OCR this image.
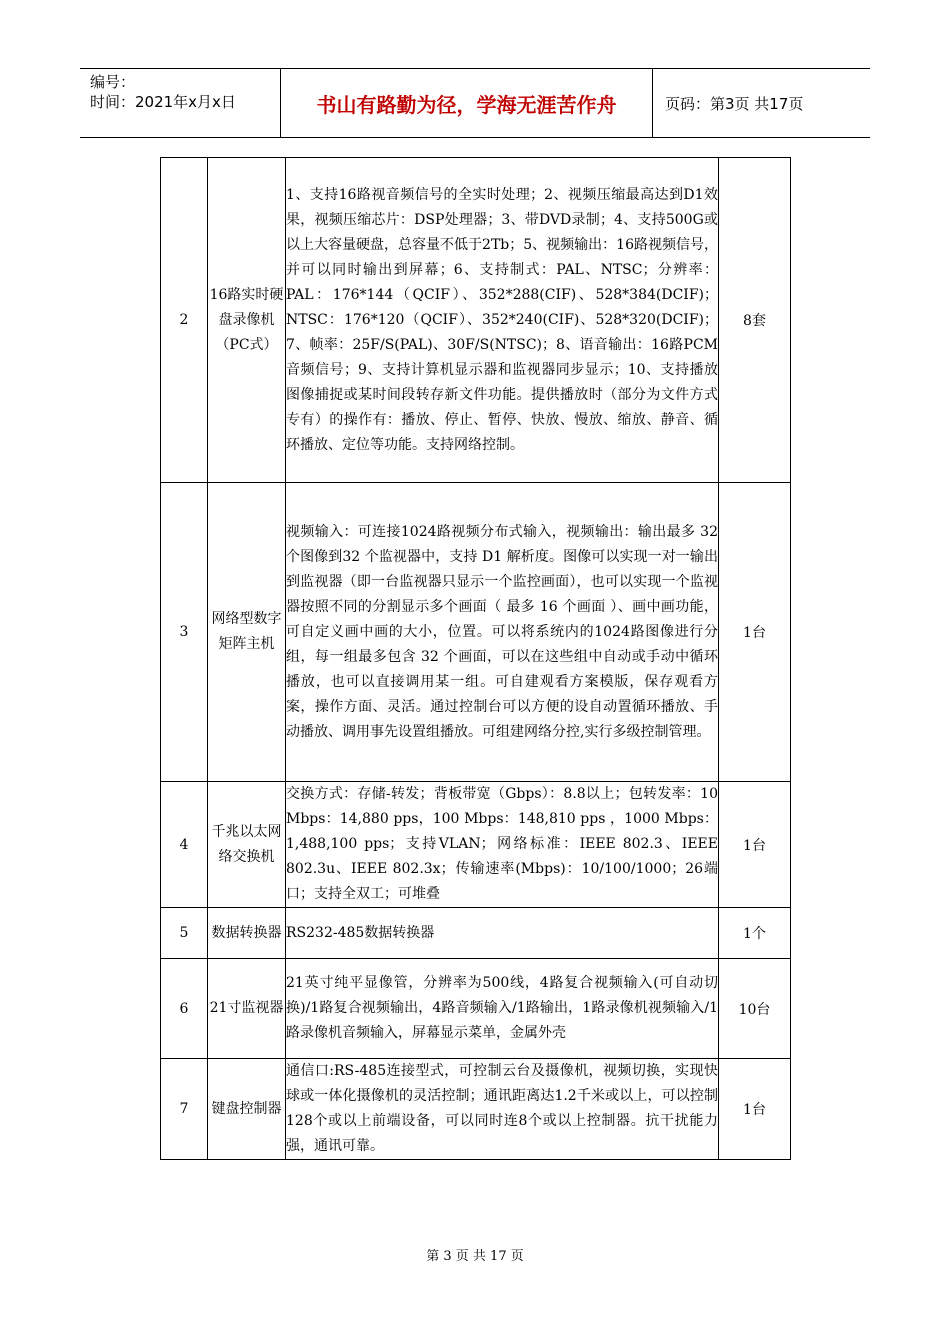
编号：
时间：2021年x月x日	书山有路勤为径，学海无涯苦作舟	页码：第3页 共17页
2	16路实时硬盘录像机（PC式）	1、支持16路视音频信号的全实时处理；2、视频压缩最高达到D1效果，视频压缩芯片：DSP处理器；3、带DVD录制；4、支持500G或以上大容量硬盘，总容量不低于2Tb；5、视频输出：16路视频信号，并可以同时输出到屏幕；6、支持制式：PAL、NTSC；分辨率：PAL：176*144（QCIF）、352*288(CIF)、528*384(DCIF)；NTSC：176*120（QCIF）、352*240(CIF)、528*320(DCIF)；7、帧率：25F/S(PAL)、30F/S(NTSC)；8、语音输出：16路PCM音频信号；9、支持计算机显示器和监视器同步显示；10、支持播放图像捕捉或某时间段转存新文件功能。提供播放时（部分为文件方式专有）的操作有：播放、停止、暂停、快放、慢放、缩放、静音、循环播放、定位等功能。支持网络控制。	8套
3	网络型数字矩阵主机	视频输入：可连接1024路视频分布式输入，视频输出：输出最多 32 个图像到32 个监视器中，支持 D1 解析度。图像可以实现一对一输出到监视器（即一台监视器只显示一个监控画面），也可以实现一个监视器按照不同的分割显示多个画面（ 最多 16 个画面 ）、画中画功能，可自定义画中画的大小，位置。可以将系统内的1024路图像进行分组，每一组最多包含 32 个画面，可以在这些组中自动或手动中循环播放，也可以直接调用某一组。可自建观看方案模版，保存观看方案，操作方面、灵活。通过控制台可以方便的设自动置循环播放、手动播放、调用事先设置组播放。可组建网络分控,实行多级控制管理。	1台
4	千兆以太网络交换机	交换方式：存储-转发；背板带宽（Gbps）：8.8以上；包转发率：10 Mbps：14,880 pps，100 Mbps：148,810 pps ，1000 Mbps：1,488,100 pps；支持VLAN；网络标准：IEEE 802.3、IEEE 802.3u、IEEE 802.3x；传输速率(Mbps)：10/100/1000；26端口；支持全双工；可堆叠	1台
5	数据转换器	RS232-485数据转换器	1个
6	21寸监视器	21英寸纯平显像管，分辨率为500线，4路复合视频输入(可自动切换)/1路复合视频输出，4路音频输入/1路输出，1路录像机视频输入/1路录像机音频输入，屏幕显示菜单，金属外壳	10台
7	键盘控制器	通信口:RS-485连接型式，可控制云台及摄像机，视频切换，实现快球或一体化摄像机的灵活控制；通讯距离达1.2千米或以上，可以控制128个或以上前端设备，可以同时连8个或以上控制器。抗干扰能力强，通讯可靠。	1台
第 3 页 共 17 页
